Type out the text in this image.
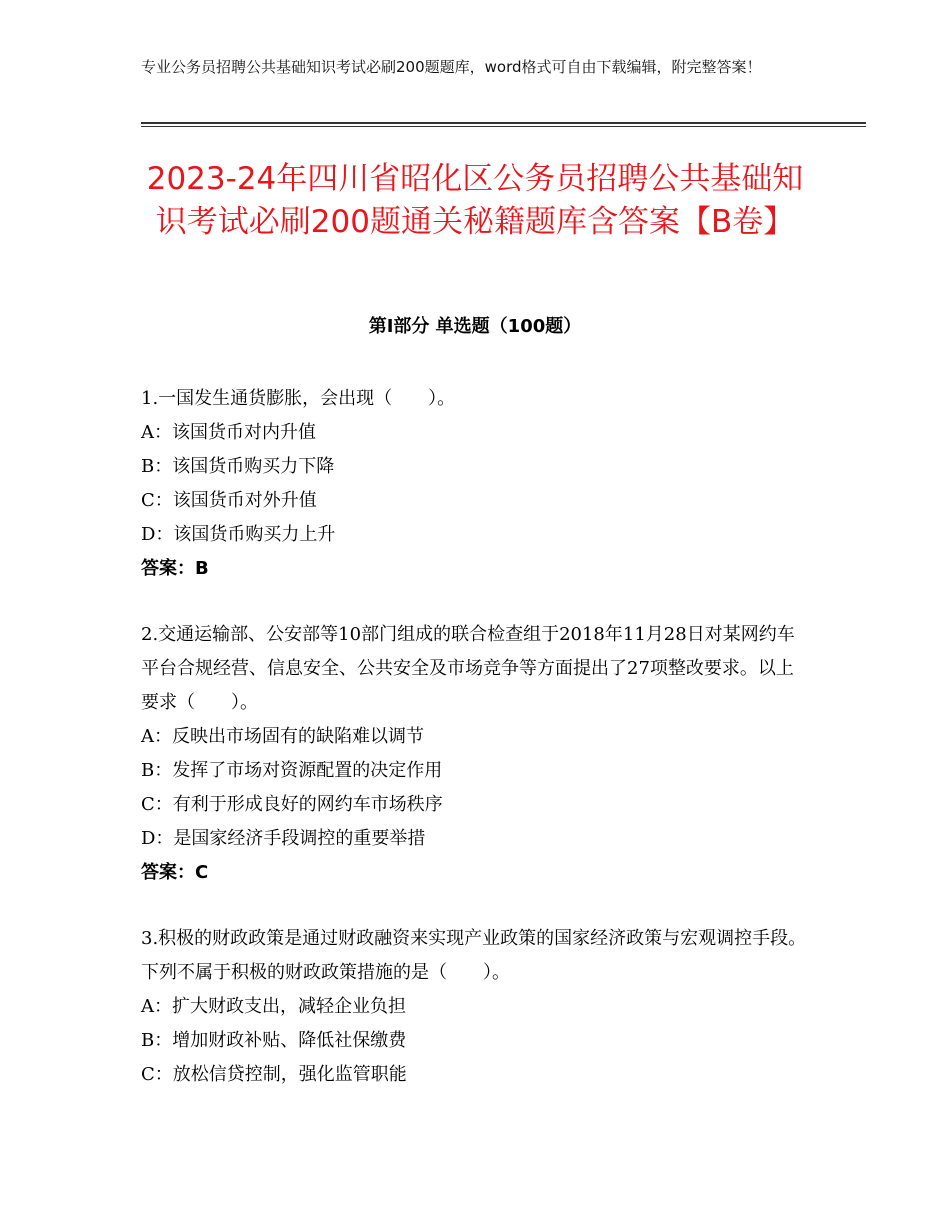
专业公务员招聘公共基础知识考试必刷200题题库，word格式可自由下载编辑，附完整答案！
2023-24年四川省昭化区公务员招聘公共基础知识考试必刷200题通关秘籍题库含答案【B卷】
第Ⅰ部分 单选题（100题）

1.一国发生通货膨胀，会出现（　　）。

A：该国货币对内升值

B：该国货币购买力下降

C：该国货币对外升值

D：该国货币购买力上升

答案：B

2.交通运输部、公安部等10部门组成的联合检查组于2018年11月28日对某网约车平台合规经营、信息安全、公共安全及市场竞争等方面提出了27项整改要求。以上要求（　　）。

A：反映出市场固有的缺陷难以调节

B：发挥了市场对资源配置的决定作用

C：有利于形成良好的网约车市场秩序

D：是国家经济手段调控的重要举措

答案：C

3.积极的财政政策是通过财政融资来实现产业政策的国家经济政策与宏观调控手段。下列不属于积极的财政政策措施的是（　　）。

A：扩大财政支出，减轻企业负担

B：增加财政补贴、降低社保缴费

C：放松信贷控制，强化监管职能
